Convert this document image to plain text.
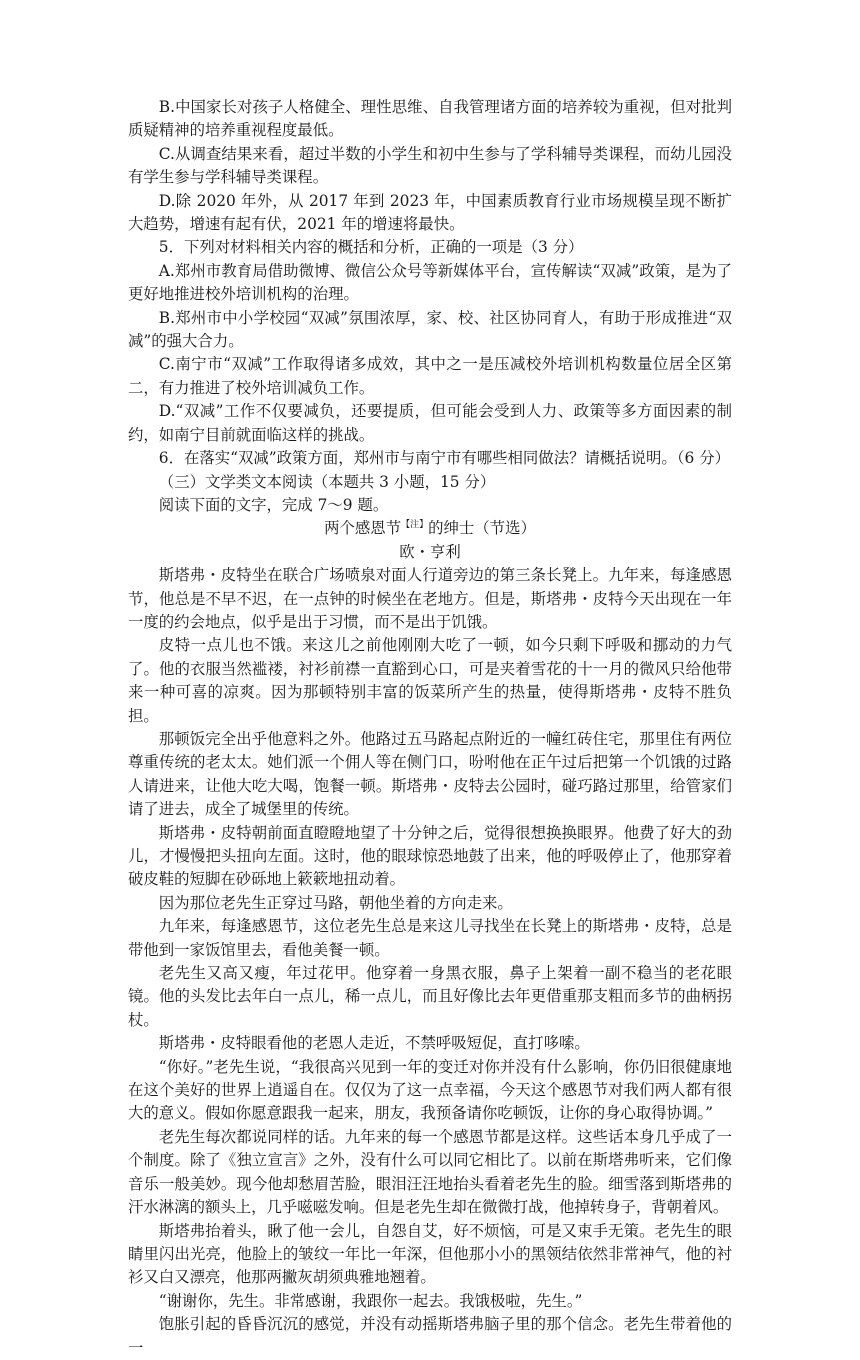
B.中国家长对孩子人格健全、理性思维、自我管理诸方面的培养较为重视，但对批判质疑精神的培养重视程度最低。

C.从调查结果来看，超过半数的小学生和初中生参与了学科辅导类课程，而幼儿园没有学生参与学科辅导类课程。

D.除 2020 年外，从 2017 年到 2023 年，中国素质教育行业市场规模呈现不断扩大趋势，增速有起有伏，2021 年的增速将最快。

5．下列对材料相关内容的概括和分析，正确的一项是（3 分）

A.郑州市教育局借助微博、微信公众号等新媒体平台，宣传解读“双减”政策，是为了更好地推进校外培训机构的治理。

B.郑州市中小学校园“双减”氛围浓厚，家、校、社区协同育人，有助于形成推进“双减”的强大合力。

C.南宁市“双减”工作取得诸多成效，其中之一是压减校外培训机构数量位居全区第二，有力推进了校外培训减负工作。

D.“双减”工作不仅要减负，还要提质，但可能会受到人力、政策等多方面因素的制约，如南宁目前就面临这样的挑战。

6．在落实“双减”政策方面，郑州市与南宁市有哪些相同做法？请概括说明。（6 分）

（三）文学类文本阅读（本题共 3 小题，15 分）

阅读下面的文字，完成 7～9 题。

两个感恩节$^{【注】}$的绅士（节选）

欧・亨利

斯塔弗・皮特坐在联合广场喷泉对面人行道旁边的第三条长凳上。九年来，每逢感恩节，他总是不早不迟，在一点钟的时候坐在老地方。但是，斯塔弗・皮特今天出现在一年一度的约会地点，似乎是出于习惯，而不是出于饥饿。

皮特一点儿也不饿。来这儿之前他刚刚大吃了一顿，如今只剩下呼吸和挪动的力气了。他的衣服当然褴褛，衬衫前襟一直豁到心口，可是夹着雪花的十一月的微风只给他带来一种可喜的凉爽。因为那顿特别丰富的饭菜所产生的热量，使得斯塔弗・皮特不胜负担。

那顿饭完全出乎他意料之外。他路过五马路起点附近的一幢红砖住宅，那里住有两位尊重传统的老太太。她们派一个佣人等在侧门口，吩咐他在正午过后把第一个饥饿的过路人请进来，让他大吃大喝，饱餐一顿。斯塔弗・皮特去公园时，碰巧路过那里，给管家们请了进去，成全了城堡里的传统。

斯塔弗・皮特朝前面直瞪瞪地望了十分钟之后，觉得很想换换眼界。他费了好大的劲儿，才慢慢把头扭向左面。这时，他的眼球惊恐地鼓了出来，他的呼吸停止了，他那穿着破皮鞋的短脚在砂砾地上簌簌地扭动着。

因为那位老先生正穿过马路，朝他坐着的方向走来。

九年来，每逢感恩节，这位老先生总是来这儿寻找坐在长凳上的斯塔弗・皮特，总是带他到一家饭馆里去，看他美餐一顿。

老先生又高又瘦，年过花甲。他穿着一身黑衣服，鼻子上架着一副不稳当的老花眼镜。他的头发比去年白一点儿，稀一点儿，而且好像比去年更借重那支粗而多节的曲柄拐杖。

斯塔弗・皮特眼看他的老恩人走近，不禁呼吸短促，直打哆嗦。

“你好。”老先生说，“我很高兴见到一年的变迁对你并没有什么影响，你仍旧很健康地在这个美好的世界上逍遥自在。仅仅为了这一点幸福，今天这个感恩节对我们两人都有很大的意义。假如你愿意跟我一起来，朋友，我预备请你吃顿饭，让你的身心取得协调。”

老先生每次都说同样的话。九年来的每一个感恩节都是这样。这些话本身几乎成了一个制度。除了《独立宣言》之外，没有什么可以同它相比了。以前在斯塔弗听来，它们像音乐一般美妙。现今他却愁眉苦脸，眼泪汪汪地抬头看着老先生的脸。细雪落到斯塔弗的汗水淋漓的额头上，几乎嗞嗞发响。但是老先生却在微微打战，他掉转身子，背朝着风。

斯塔弗抬着头，瞅了他一会儿，自怨自艾，好不烦恼，可是又束手无策。老先生的眼睛里闪出光亮，他脸上的皱纹一年比一年深，但他那小小的黑领结依然非常神气，他的衬衫又白又漂亮，他那两撇灰胡须典雅地翘着。

“谢谢你，先生。非常感谢，我跟你一起去。我饿极啦，先生。”

饱胀引起的昏昏沉沉的感觉，并没有动摇斯塔弗脑子里的那个信念。老先生带着他的一
